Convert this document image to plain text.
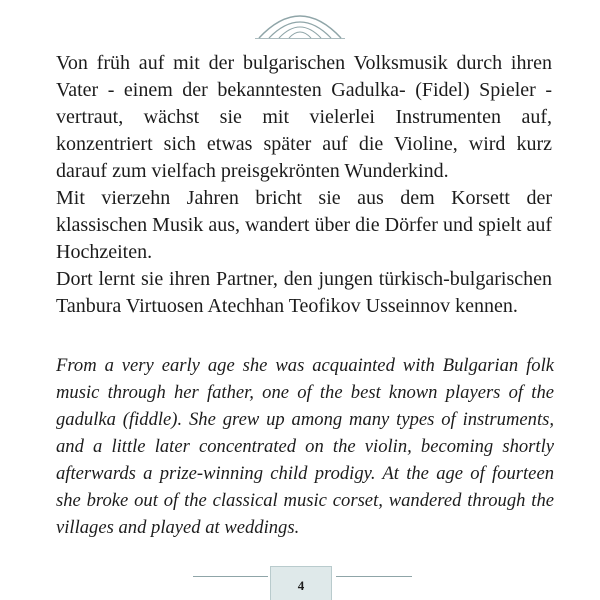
Von früh auf mit der bulgarischen Volksmusik durch ihren Vater - einem der bekanntesten Gadulka- (Fidel) Spieler - vertraut, wächst sie mit vielerlei Instrumenten auf, konzentriert sich etwas später auf die Violine, wird kurz darauf zum vielfach preisgekrönten Wunderkind.

Mit vierzehn Jahren bricht sie aus dem Korsett der klassischen Musik aus, wandert über die Dörfer und spielt auf Hochzeiten.

Dort lernt sie ihren Partner, den jungen türkisch-bulgarischen Tanbura Virtuosen Atechhan Teofikov Usseinnov kennen.

From a very early age she was acquainted with Bulgarian folk music through her father, one of the best known players of the gadulka (fiddle). She grew up among many types of instruments, and a little later concentrated on the violin, becoming shortly afterwards a prize-winning child prodigy. At the age of fourteen she broke out of the classical music corset, wandered through the villages and played at weddings.

4
